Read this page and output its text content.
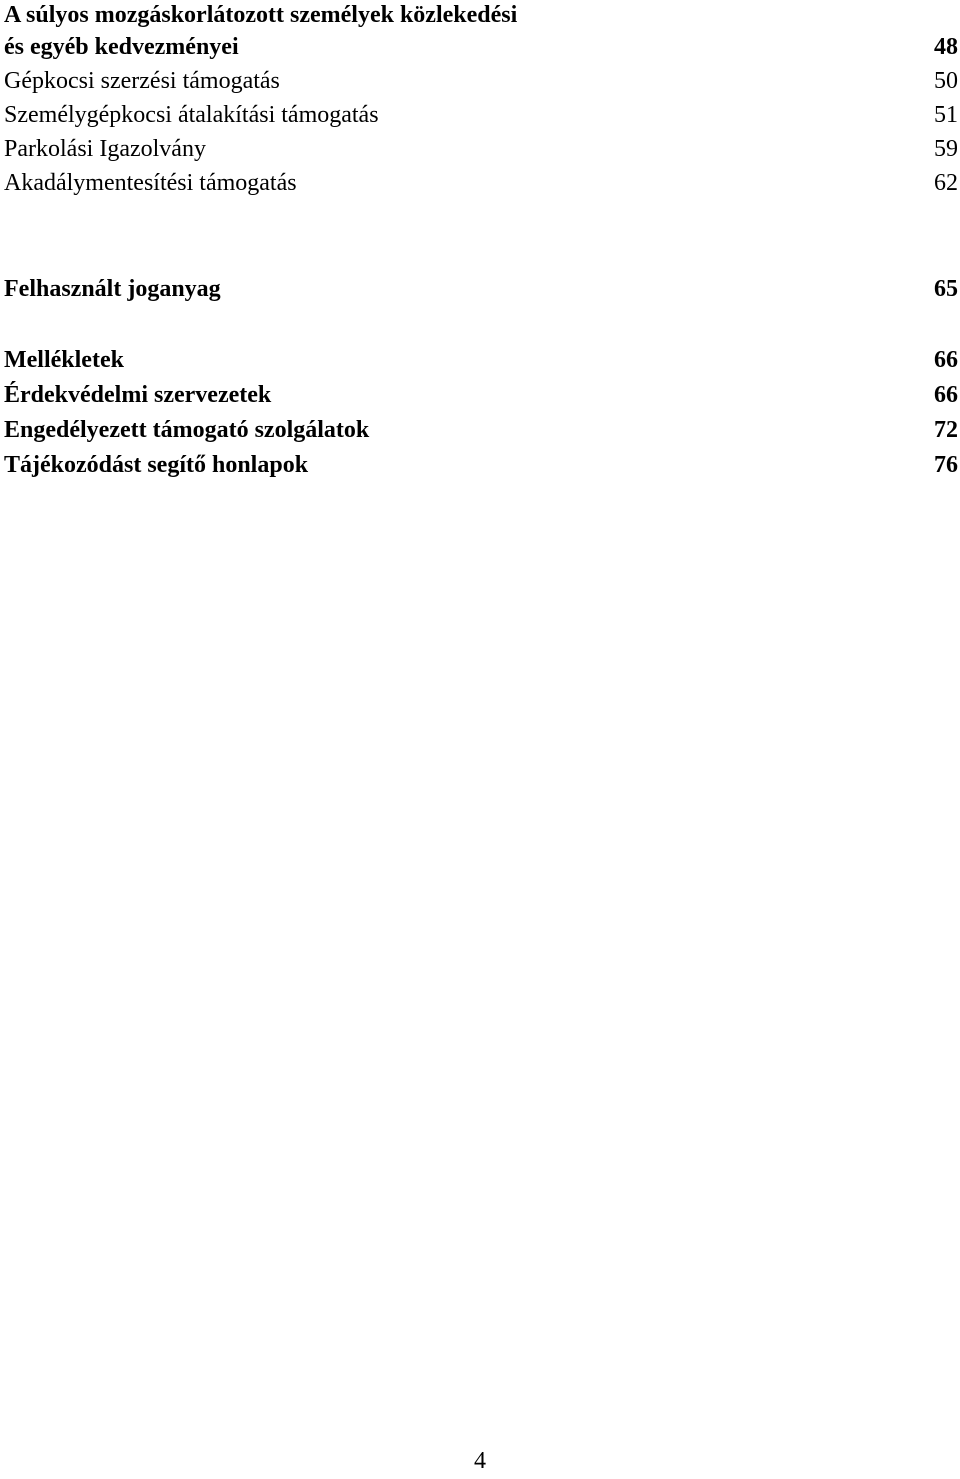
A súlyos mozgáskorlátozott személyek közlekedési
és egyéb kedvezményei	48
Gépkocsi szerzési támogatás	50
Személygépkocsi átalakítási támogatás	51
Parkolási Igazolvány	59
Akadálymentesítési támogatás	62
Felhasznált joganyag	65
Mellékletek	66
Érdekvédelmi szervezetek	66
Engedélyezett támogató szolgálatok	72
Tájékozódást segítő honlapok	76
4
